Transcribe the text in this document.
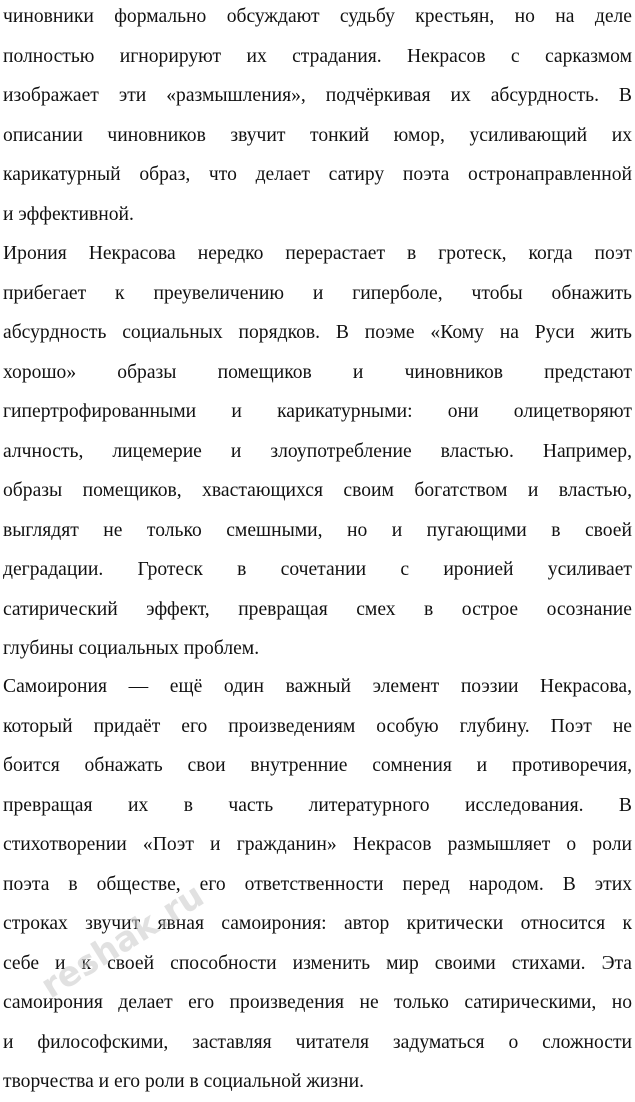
чиновники формально обсуждают судьбу крестьян, но на деле
полностью игнорируют их страдания. Некрасов с сарказмом
изображает эти «размышления», подчёркивая их абсурдность. В
описании чиновников звучит тонкий юмор, усиливающий их
карикатурный образ, что делает сатиру поэта остронаправленной
и эффективной.
Ирония Некрасова нередко перерастает в гротеск, когда поэт
прибегает к преувеличению и гиперболе, чтобы обнажить
абсурдность социальных порядков. В поэме «Кому на Руси жить
хорошо» образы помещиков и чиновников предстают
гипертрофированными и карикатурными: они олицетворяют
алчность, лицемерие и злоупотребление властью. Например,
образы помещиков, хвастающихся своим богатством и властью,
выглядят не только смешными, но и пугающими в своей
деградации. Гротеск в сочетании с иронией усиливает
сатирический эффект, превращая смех в острое осознание
глубины социальных проблем.
Самоирония — ещё один важный элемент поэзии Некрасова,
который придаёт его произведениям особую глубину. Поэт не
боится обнажать свои внутренние сомнения и противоречия,
превращая их в часть литературного исследования. В
стихотворении «Поэт и гражданин» Некрасов размышляет о роли
поэта в обществе, его ответственности перед народом. В этих
строках звучит явная самоирония: автор критически относится к
себе и к своей способности изменить мир своими стихами. Эта
самоирония делает его произведения не только сатирическими, но
и философскими, заставляя читателя задуматься о сложности
творчества и его роли в социальной жизни.
reshak.ru
